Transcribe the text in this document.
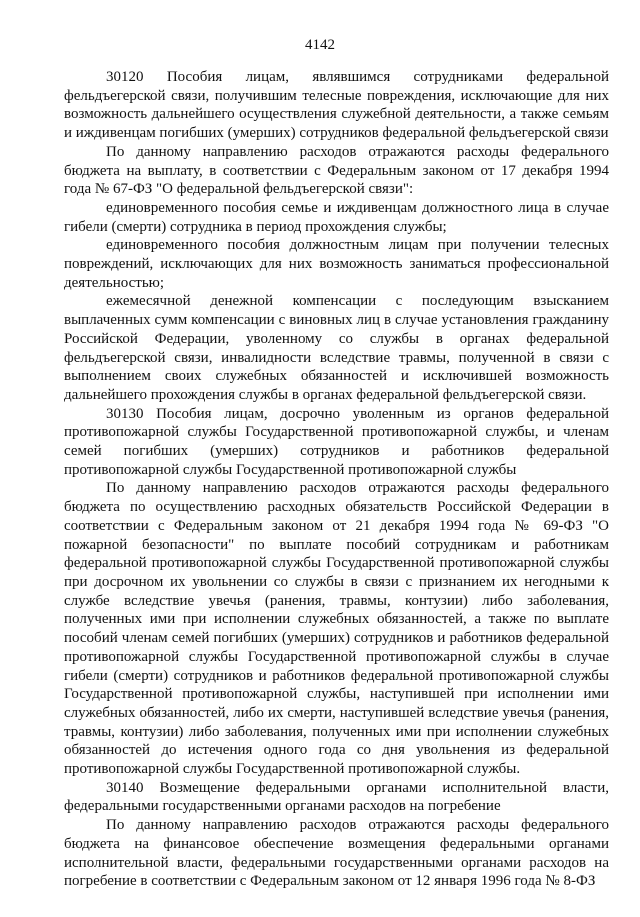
4142

30120 Пособия лицам, являвшимся сотрудниками федеральной фельдъегерской связи, получившим телесные повреждения, исключающие для них возможность дальнейшего осуществления служебной деятельности, а также семьям и иждивенцам погибших (умерших) сотрудников федеральной фельдъегерской связи

По данному направлению расходов отражаются расходы федерального бюджета на выплату, в соответствии с Федеральным законом от 17 декабря 1994 года № 67-ФЗ "О федеральной фельдъегерской связи":

единовременного пособия семье и иждивенцам должностного лица в случае гибели (смерти) сотрудника в период прохождения службы;

единовременного пособия должностным лицам при получении телесных повреждений, исключающих для них возможность заниматься профессиональной деятельностью;

ежемесячной денежной компенсации с последующим взысканием выплаченных сумм компенсации с виновных лиц в случае установления гражданину Российской Федерации, уволенному со службы в органах федеральной фельдъегерской связи, инвалидности вследствие травмы, полученной в связи с выполнением своих служебных обязанностей и исключившей возможность дальнейшего прохождения службы в органах федеральной фельдъегерской связи.

30130 Пособия лицам, досрочно уволенным из органов федеральной противопожарной службы Государственной противопожарной службы, и членам семей погибших (умерших) сотрудников и работников федеральной противопожарной службы Государственной противопожарной службы

По данному направлению расходов отражаются расходы федерального бюджета по осуществлению расходных обязательств Российской Федерации в соответствии с Федеральным законом от 21 декабря 1994 года № 69-ФЗ "О пожарной безопасности" по выплате пособий сотрудникам и работникам федеральной противопожарной службы Государственной противопожарной службы при досрочном их увольнении со службы в связи с признанием их негодными к службе вследствие увечья (ранения, травмы, контузии) либо заболевания, полученных ими при исполнении служебных обязанностей, а также по выплате пособий членам семей погибших (умерших) сотрудников и работников федеральной противопожарной службы Государственной противопожарной службы в случае гибели (смерти) сотрудников и работников федеральной противопожарной службы Государственной противопожарной службы, наступившей при исполнении ими служебных обязанностей, либо их смерти, наступившей вследствие увечья (ранения, травмы, контузии) либо заболевания, полученных ими при исполнении служебных обязанностей до истечения одного года со дня увольнения из федеральной противопожарной службы Государственной противопожарной службы.

30140 Возмещение федеральными органами исполнительной власти, федеральными государственными органами расходов на погребение

По данному направлению расходов отражаются расходы федерального бюджета на финансовое обеспечение возмещения федеральными органами исполнительной власти, федеральными государственными органами расходов на погребение в соответствии с Федеральным законом от 12 января 1996 года № 8-ФЗ
